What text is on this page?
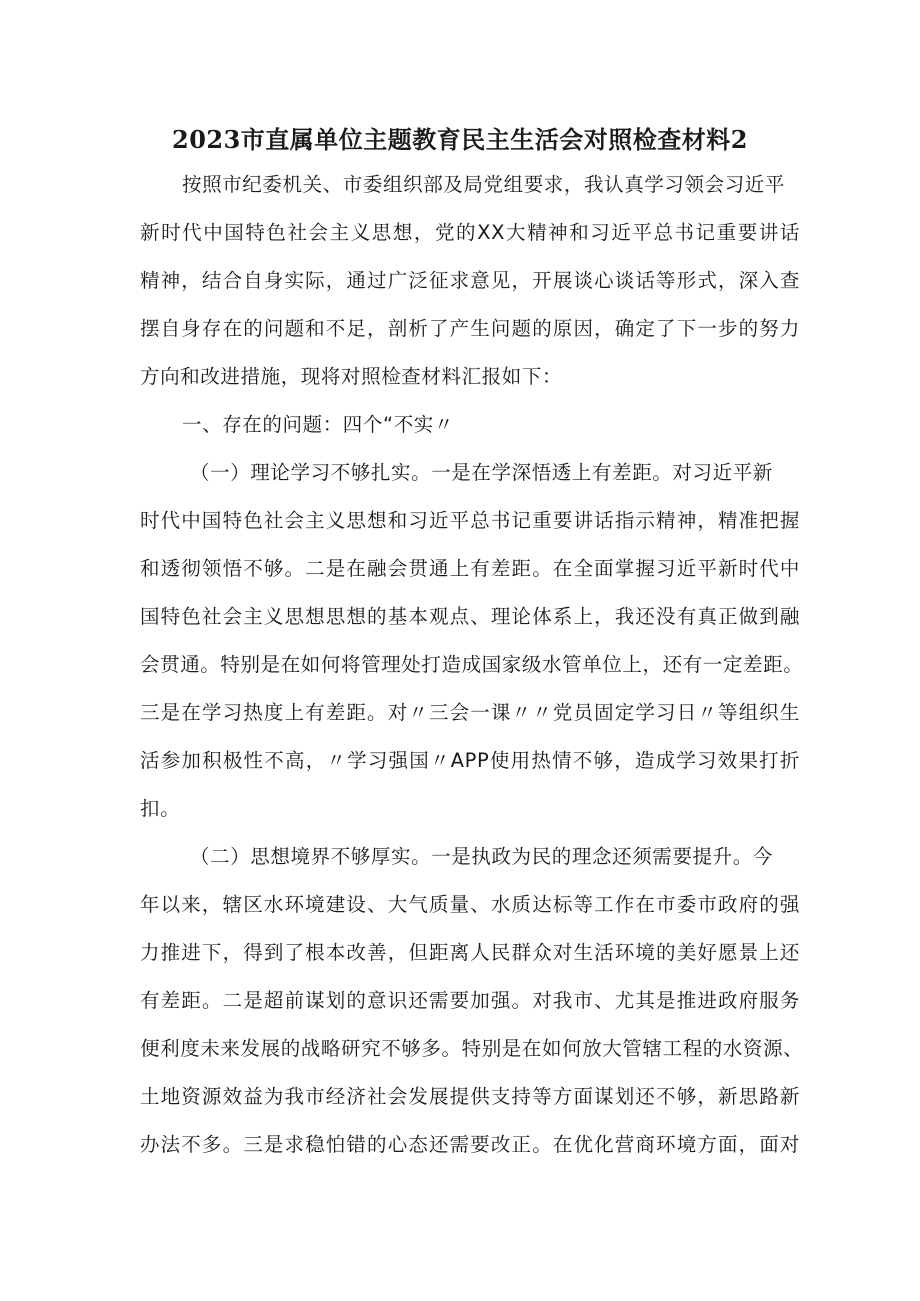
2023市直属单位主题教育民主生活会对照检查材料2

按照市纪委机关、市委组织部及局党组要求，我认真学习领会习近平

新时代中国特色社会主义思想，党的XX大精神和习近平总书记重要讲话

精神，结合自身实际，通过广泛征求意见，开展谈心谈话等形式，深入查

摆自身存在的问题和不足，剖析了产生问题的原因，确定了下一步的努力

方向和改进措施，现将对照检查材料汇报如下：

一、存在的问题：四个“不实〃

（一）理论学习不够扎实。一是在学深悟透上有差距。对习近平新

时代中国特色社会主义思想和习近平总书记重要讲话指示精神，精准把握

和透彻领悟不够。二是在融会贯通上有差距。在全面掌握习近平新时代中

国特色社会主义思想思想的基本观点、理论体系上，我还没有真正做到融

会贯通。特别是在如何将管理处打造成国家级水管单位上，还有一定差距。

三是在学习热度上有差距。对〃三会一课〃〃党员固定学习日〃等组织生

活参加积极性不高，〃学习强国〃APP使用热情不够，造成学习效果打折

扣。

（二）思想境界不够厚实。一是执政为民的理念还须需要提升。今

年以来，辖区水环境建设、大气质量、水质达标等工作在市委市政府的强

力推进下，得到了根本改善，但距离人民群众对生活环境的美好愿景上还

有差距。二是超前谋划的意识还需要加强。对我市、尤其是推进政府服务

便利度未来发展的战略研究不够多。特别是在如何放大管辖工程的水资源、

土地资源效益为我市经济社会发展提供支持等方面谋划还不够，新思路新

办法不多。三是求稳怕错的心态还需要改正。在优化营商环境方面，面对
